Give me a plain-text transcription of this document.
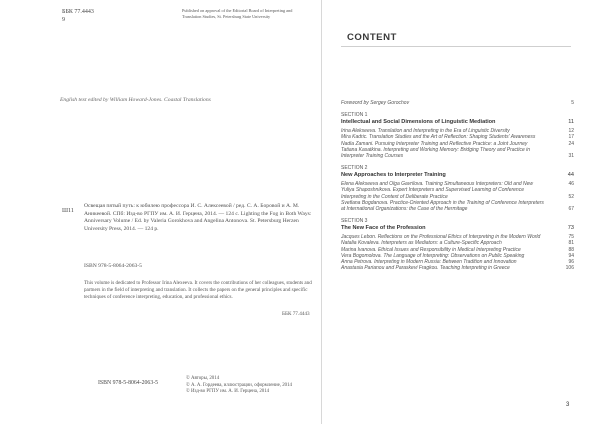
ББК 77.4443
9
Published on approval of the Editorial Board of Interpreting and Translation Studies, St. Petersburg State University
English text edited by William Howard-Jones. Coastal Translations
Ш11
Освещая пятый путь: к юбилею профессора И. С. Алексеевой / ред. С. А. Боровой и А. М. Аникеевой. СПб: Изд-во РГПУ им. А. И. Герцена, 2014. — 124 с. Lighting the Fog in Both Ways: Anniversary Volume / Ed. by Valeria Gorokhova and Angelina Antonova. St. Petersburg Herzen University Press, 2014. — 124 p.
ISBN 978-5-8064-2063-5
This volume is dedicated to Professor Irina Alexeeva. It covers the contributions of her colleagues, students and partners in the field of interpreting and translation. It collects the papers on the general principles and specific techniques of conference interpreting, education, and professional ethics.
ББК 77.4443
ISBN 978-5-8064-2063-5
© Авторы, 2014
© А. А. Гордеева, иллюстрации, оформление, 2014
© Изд-во РГПУ им. А. И. Герцена, 2014
CONTENT
Foreword by Sergey Gorochov	5
SECTION 1
Intellectual and Social Dimensions of Linguistic Mediation	11
Irina Alekseeva. Translation and Interpreting in the Era of Linguistic Diversity	12
Mira Kadric. Translation Studies and the Art of Reflection: Shaping Students' Awareness	17
Nadia Zamani. Pursuing Interpreter Training and Reflective Practice: a Joint Journey	24
Tatiana Kasatkina. Interpreting and Working Memory: Bridging Theory and Practice in Interpreter Training Courses	31
SECTION 2
New Approaches to Interpreter Training	44
Elena Alekseeva and Olga Gavrilova. Training Simultaneous Interpreters: Old and New	46
Yuliya Shaposhnikova. Expert Interpreters and Supervised Learning of Conference Interpreting in the Context of Deliberate Practice	52
Svetlana Bogdanova. Practice-Oriented Approach in the Training of Conference Interpreters at International Organizations: the Case of the Hermitage	67
SECTION 3
The New Face of the Profession	73
Jacques Lebon. Reflections on the Professional Ethics of Interpreting in the Modern World	75
Natalia Kovaleva. Interpreters as Mediators: a Culture-Specific Approach	81
Marina Ivanova. Ethical Issues and Responsibility in Medical Interpreting Practice	88
Vera Bogomolova. The Language of Interpreting: Observations on Public Speaking	94
Anna Petrova. Interpreting in Modern Russia: Between Tradition and Innovation	96
Anastasia Parianou and Paraskevi Fragkou. Teaching Interpreting in Greece	106
3
